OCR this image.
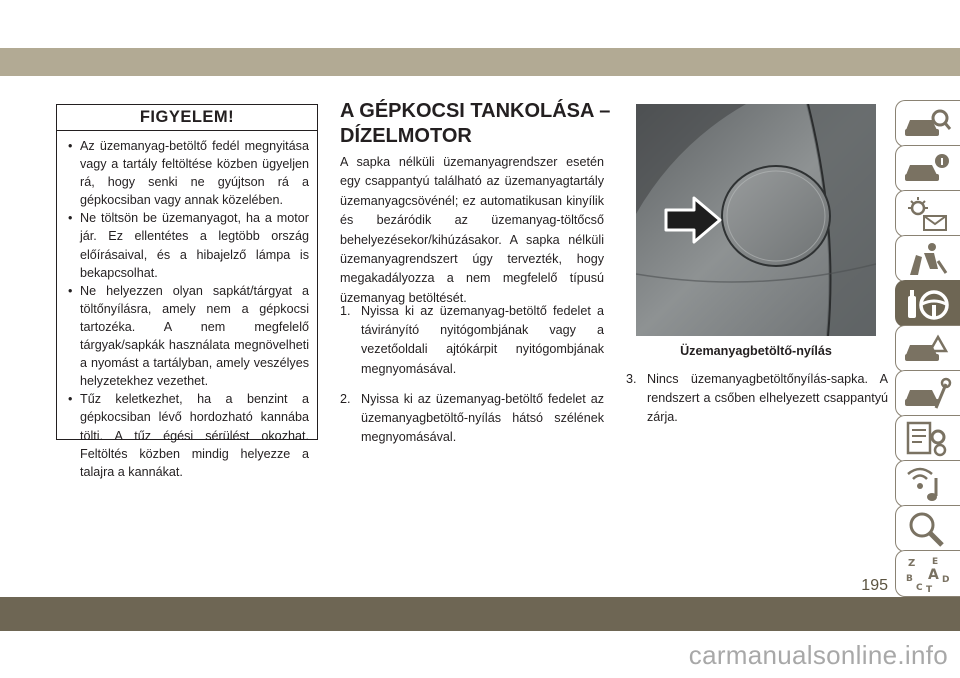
FIGYELEM!
• Az üzemanyag-betöltő fedél megnyitása vagy a tartály feltöltése közben ügyeljen rá, hogy senki ne gyújtson rá a gépkocsiban vagy annak közelében.
• Ne töltsön be üzemanyagot, ha a motor jár. Ez ellentétes a legtöbb ország előírásaival, és a hibajelző lámpa is bekapcsolhat.
• Ne helyezzen olyan sapkát/tárgyat a töltőnyílásra, amely nem a gépkocsi tartozéka. A nem megfelelő tárgyak/sapkák használata megnövelheti a nyomást a tartályban, amely veszélyes helyzetekhez vezethet.
• Tűz keletkezhet, ha a benzint a gépkocsiban lévő hordozható kannába tölti. A tűz égési sérülést okozhat. Feltöltés közben mindig helyezze a talajra a kannákat.
A GÉPKOCSI TANKOLÁSA – DÍZELMOTOR

A sapka nélküli üzemanyagrendszer esetén egy csappantyú található az üzemanyagtartály üzemanyagcsövénél; ez automatikusan kinyílik és bezáródik az üzemanyag-töltőcső behelyezésekor/kihúzásakor. A sapka nélküli üzemanyagrendszert úgy tervezték, hogy megakadályozza a nem megfelelő típusú üzemanyag betöltését.

1. Nyissa ki az üzemanyag-betöltő fedelet a távirányító nyitógombjának vagy a vezetőoldali ajtókárpit nyitógombjának megnyomásával.
2. Nyissa ki az üzemanyag-betöltő fedelet az üzemanyagbetöltő-nyílás hátsó szélének megnyomásával.
Üzemanyagbetöltő-nyílás
3. Nincs üzemanyagbetöltőnyílás-sapka. A rendszert a csőben elhelyezett csappantyú zárja.
Z E
A
B	D
C T
195
carmanualsonline.info
